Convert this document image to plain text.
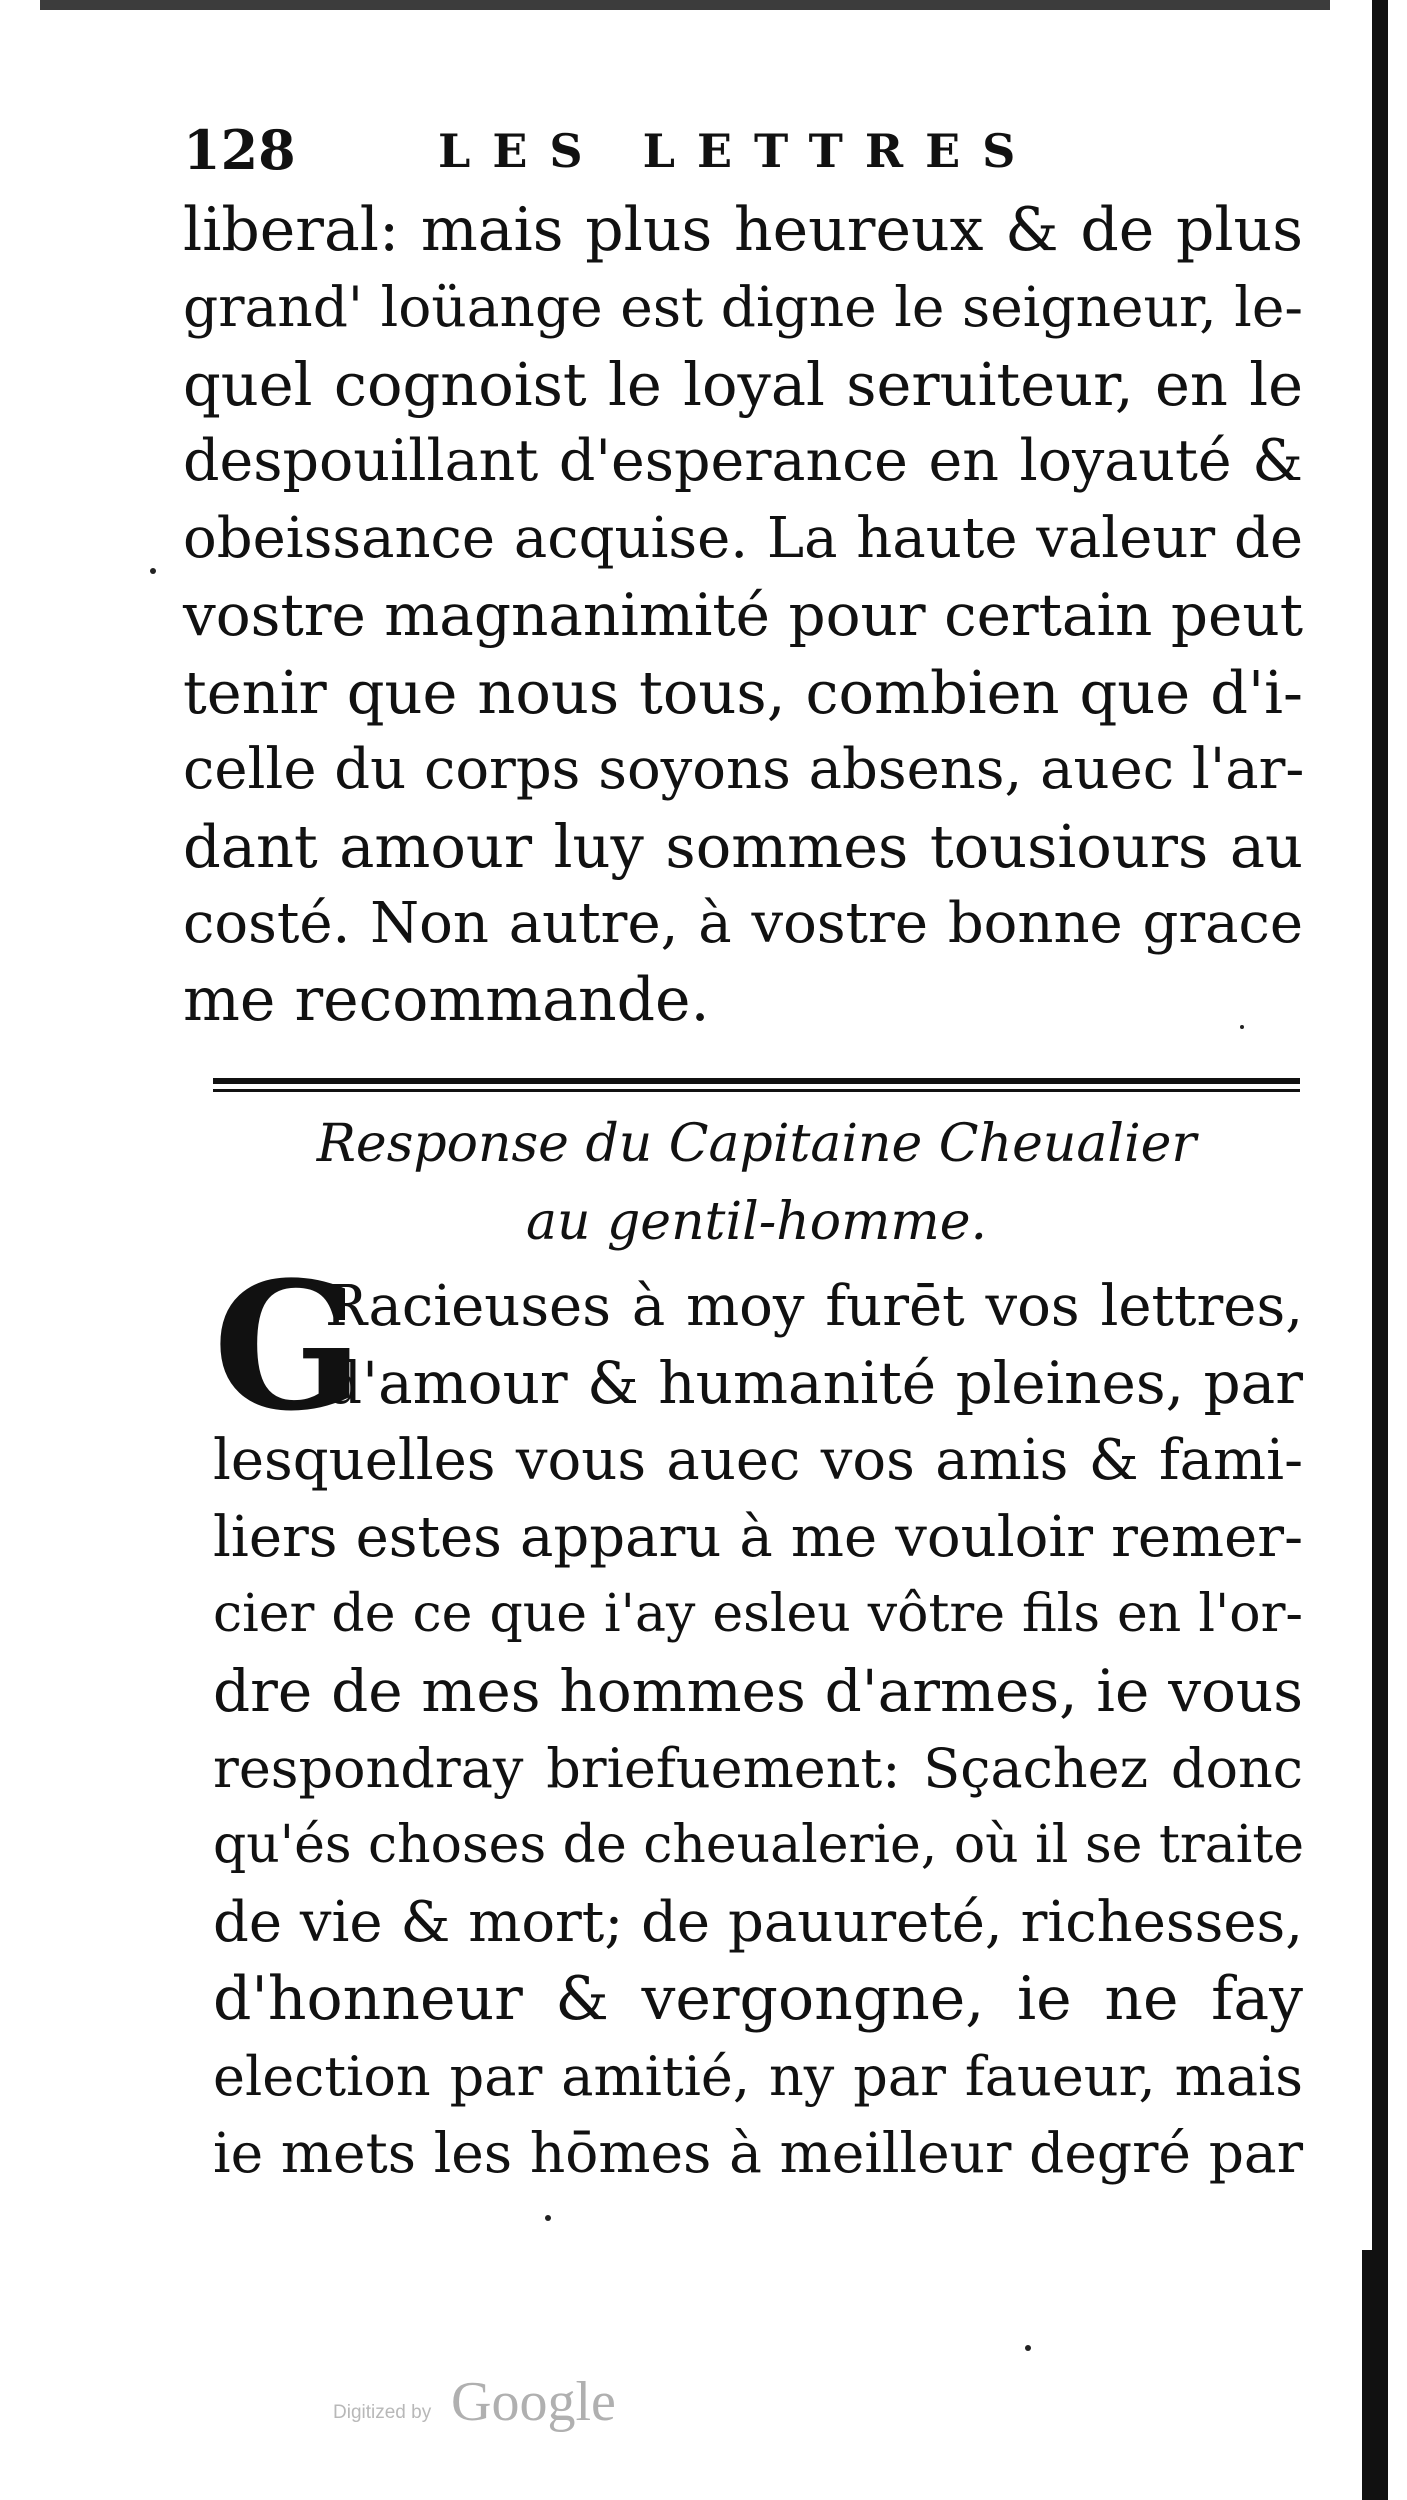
128	LES LETTRES
liberal: mais plus heureux & de plus
grand' loüange est digne le seigneur, le-
quel cognoist le loyal seruiteur, en le
despouillant d'esperance en loyauté &
obeissance acquise. La haute valeur de
vostre magnanimité pour certain peut
tenir que nous tous, combien que d'i-
celle du corps soyons absens, auec l'ar-
dant amour luy sommes tousiours au
costé. Non autre, à vostre bonne grace
me recommande.
Response du Capitaine Cheualier
au gentil-homme.
G
Racieuses à moy furēt vos lettres,
d'amour & humanité pleines, par
lesquelles vous auec vos amis & fami-
liers estes apparu à me vouloir remer-
cier de ce que i'ay esleu vôtre fils en l'or-
dre de mes hommes d'armes, ie vous
respondray briefuement: Sçachez donc
qu'és choses de cheualerie, où il se traite
de vie & mort; de pauureté, richesses,
d'honneur & vergongne, ie ne fay
election par amitié, ny par faueur, mais
ie mets les hōmes à meilleur degré par
Digitized by Google
